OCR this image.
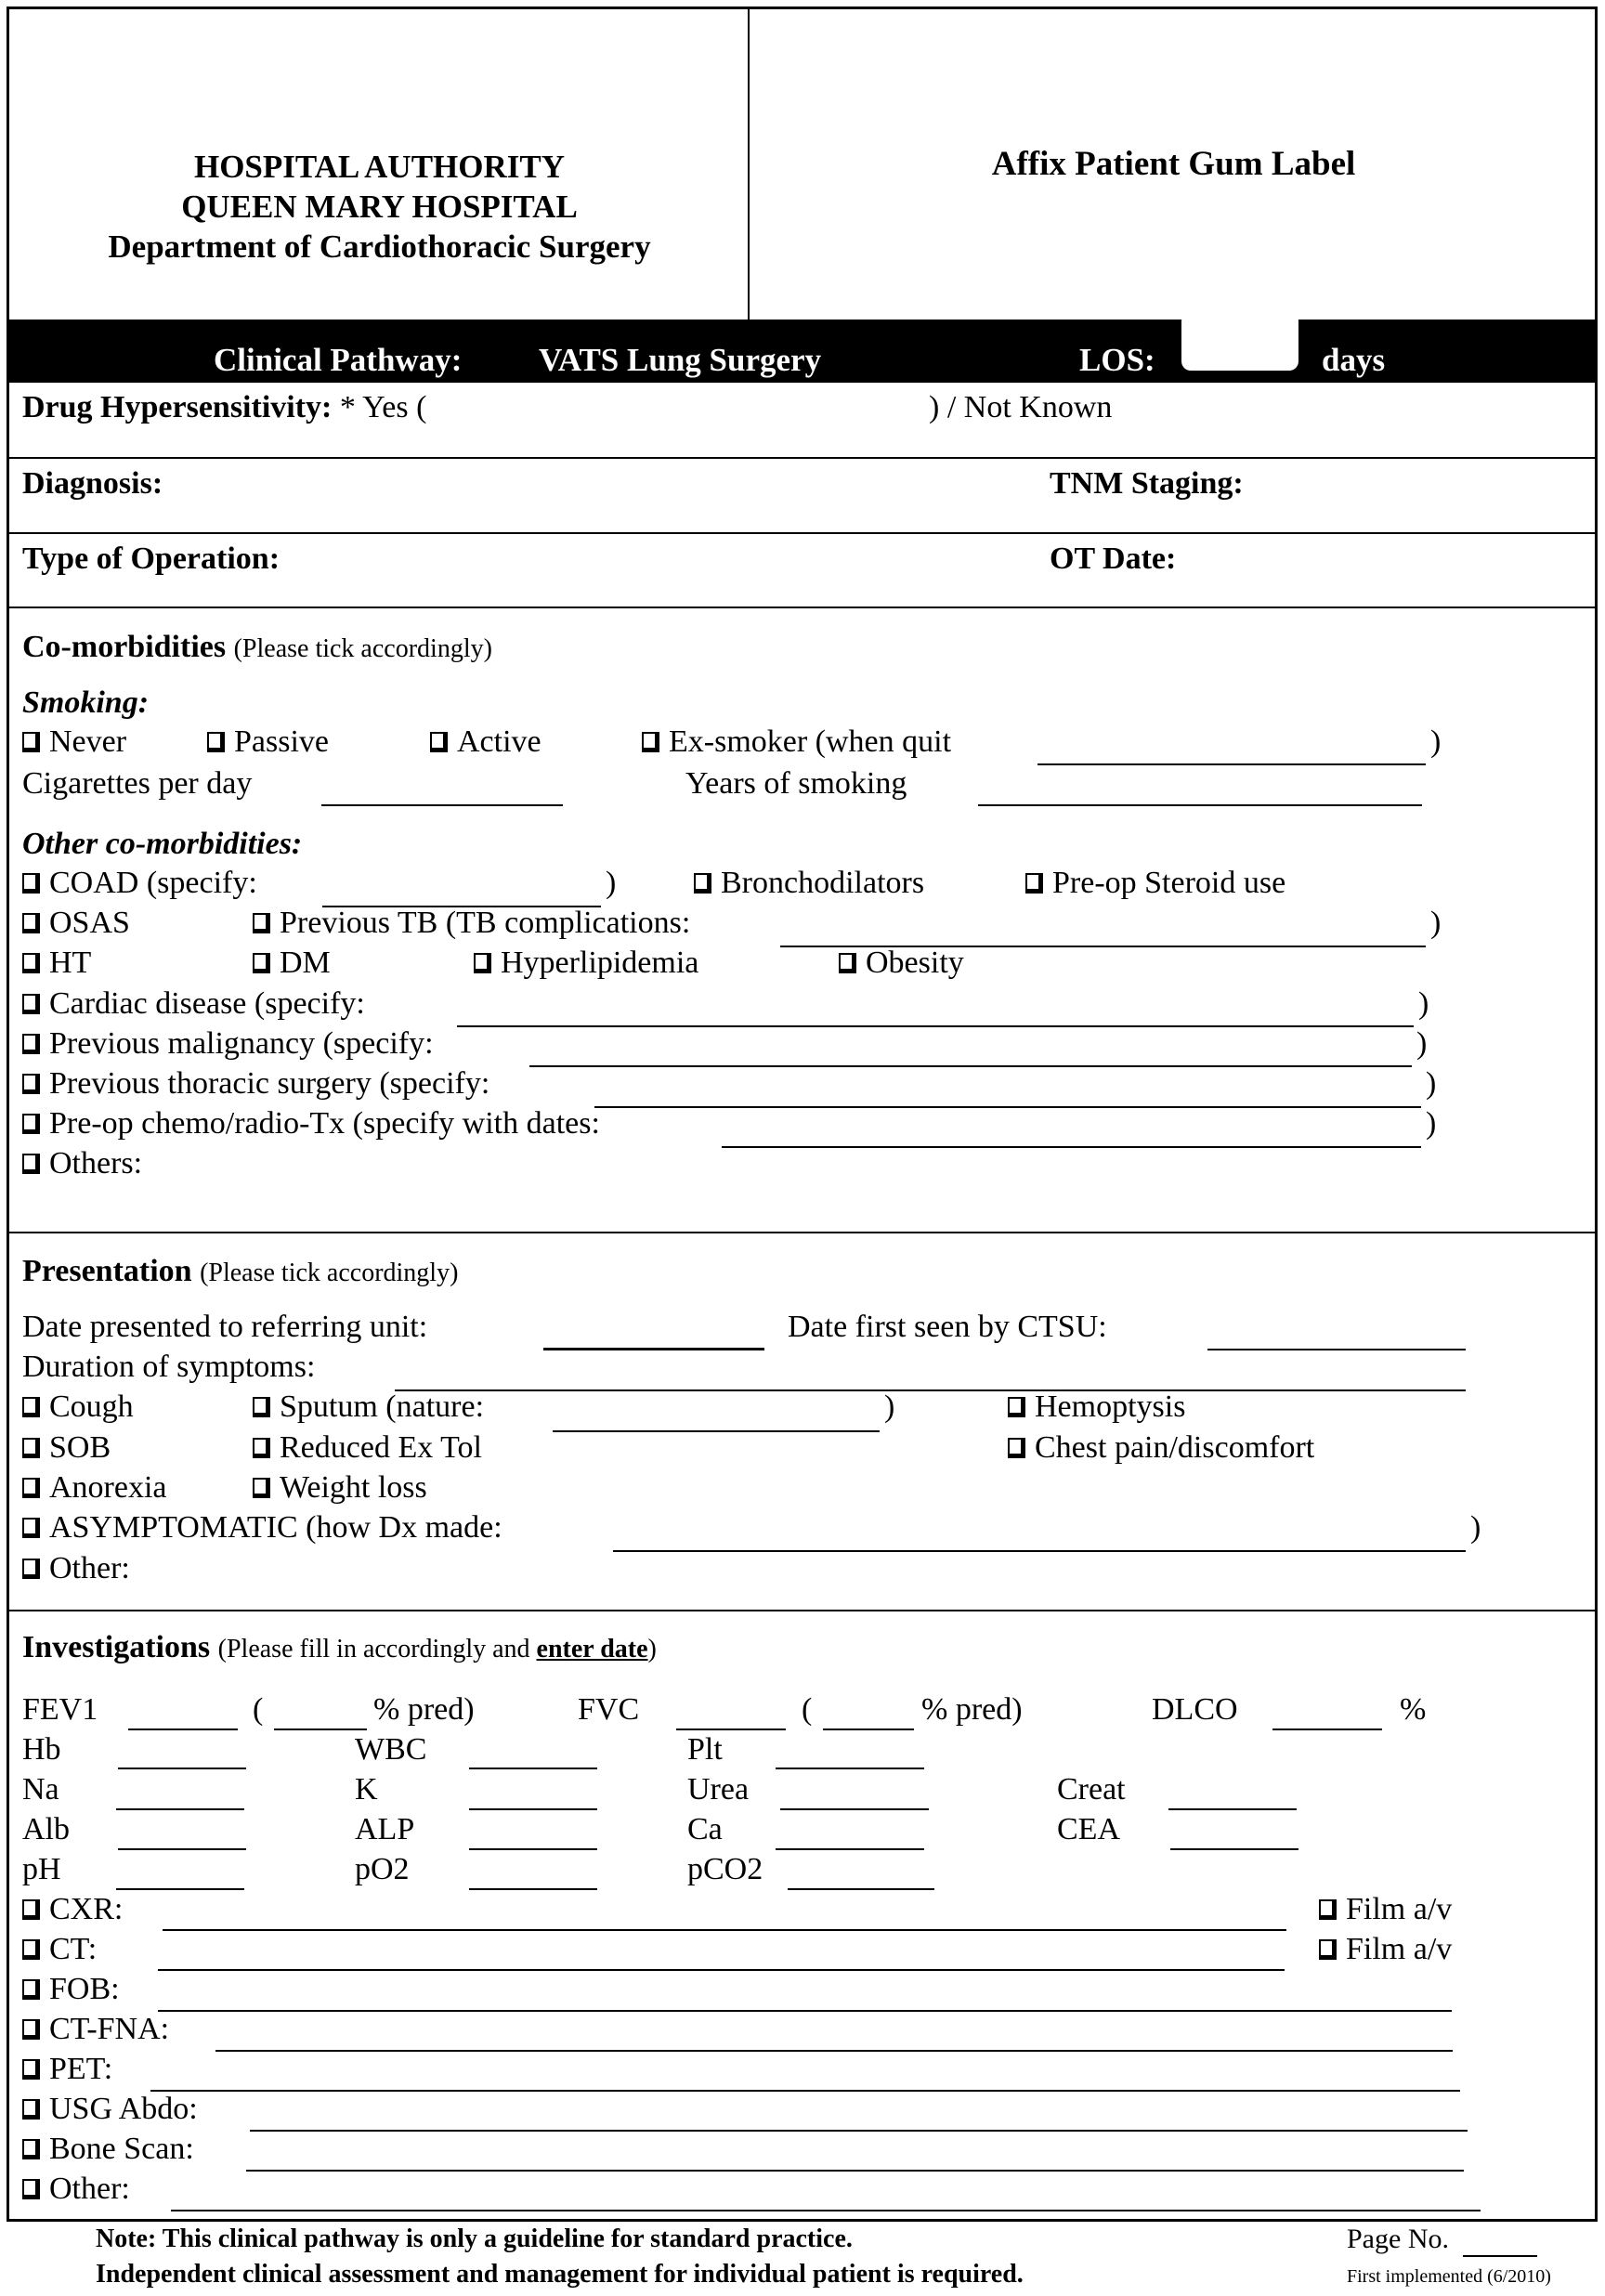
HOSPITAL AUTHORITY
QUEEN MARY HOSPITAL
Department of Cardiothoracic Surgery
Affix Patient Gum Label
Clinical Pathway: VATS Lung Surgery	LOS:	days
Drug Hypersensitivity: * Yes (	) / Not Known
Diagnosis:	TNM Staging:
Type of Operation:	OT Date:
Co-morbidities (Please tick accordingly)
Smoking:
Never	Passive	Active	Ex-smoker (when quit	)
Cigarettes per day	Years of smoking
Other co-morbidities:
COAD (specify:	)	Bronchodilators	Pre-op Steroid use
OSAS	Previous TB (TB complications:	)
HT	DM	Hyperlipidemia	Obesity
Cardiac disease (specify:	)
Previous malignancy (specify:	)
Previous thoracic surgery (specify:	)
Pre-op chemo/radio-Tx (specify with dates:	)
Others:
Presentation (Please tick accordingly)
Date presented to referring unit:	Date first seen by CTSU:
Duration of symptoms:
Cough	Sputum (nature:	)	Hemoptysis
SOB	Reduced Ex Tol	Chest pain/discomfort
Anorexia	Weight loss
ASYMPTOMATIC (how Dx made:	)
Other:
Investigations (Please fill in accordingly and enter date)
FEV1	(	% pred)	FVC	(	% pred)	DLCO	%
Hb	WBC	Plt
Na	K	Urea	Creat
Alb	ALP	Ca	CEA
pH	pO2	pCO2
CXR:	Film a/v
CT:	Film a/v
FOB:
CT-FNA:
PET:
USG Abdo:
Bone Scan:
Other:
Note: This clinical pathway is only a guideline for standard practice.
Independent clinical assessment and management for individual patient is required.
Page No.
First implemented (6/2010)
